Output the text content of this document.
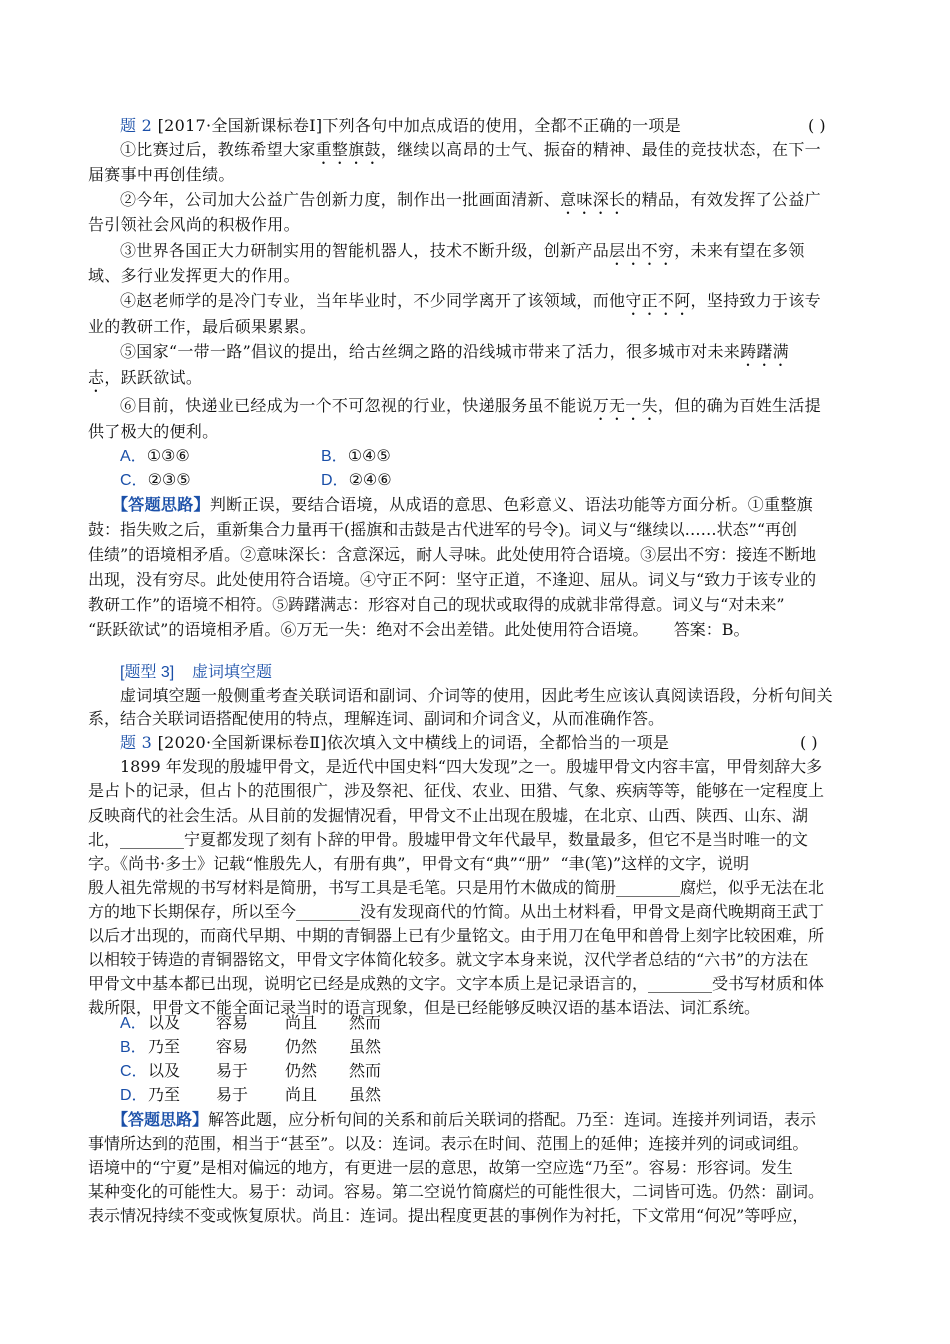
题 2 [2017·全国新课标卷Ⅰ]下列各句中加点成语的使用，全都不正确的一项是	( )
①比赛过后，教练希望大家重整旗鼓，继续以高昂的士气、振奋的精神、最佳的竞技状态，在下一
届赛事中再创佳绩。
②今年，公司加大公益广告创新力度，制作出一批画面清新、意味深长的精品，有效发挥了公益广
告引领社会风尚的积极作用。
③世界各国正大力研制实用的智能机器人，技术不断升级，创新产品层出不穷，未来有望在多领
域、多行业发挥更大的作用。
④赵老师学的是冷门专业，当年毕业时，不少同学离开了该领域，而他守正不阿，坚持致力于该专
业的教研工作，最后硕果累累。
⑤国家“一带一路”倡议的提出，给古丝绸之路的沿线城市带来了活力，很多城市对未来踌躇满
志，跃跃欲试。
⑥目前，快递业已经成为一个不可忽视的行业，快递服务虽不能说万无一失，但的确为百姓生活提
供了极大的便利。
A．①③⑥	B．①④⑤
C．②③⑤	D．②④⑥
【答题思路】判断正误，要结合语境，从成语的意思、色彩意义、语法功能等方面分析。①重整旗
鼓：指失败之后，重新集合力量再干(摇旗和击鼓是古代进军的号令)。词义与“继续以……状态”“再创
佳绩”的语境相矛盾。②意味深长：含意深远，耐人寻味。此处使用符合语境。③层出不穷：接连不断地
出现，没有穷尽。此处使用符合语境。④守正不阿：坚守正道，不逢迎、屈从。词义与“致力于该专业的
教研工作”的语境不相符。⑤踌躇满志：形容对自己的现状或取得的成就非常得意。词义与“对未来”
“跃跃欲试”的语境相矛盾。⑥万无一失：绝对不会出差错。此处使用符合语境。     答案：B。
[题型 3]    虚词填空题
虚词填空题一般侧重考查关联词语和副词、介词等的使用，因此考生应该认真阅读语段，分析句间关
系，结合关联词语搭配使用的特点，理解连词、副词和介词含义，从而准确作答。
题 3 [2020·全国新课标卷Ⅱ]依次填入文中横线上的词语，全都恰当的一项是	( )
1899 年发现的殷墟甲骨文，是近代中国史料“四大发现”之一。殷墟甲骨文内容丰富，甲骨刻辞大多
是占卜的记录，但占卜的范围很广，涉及祭祀、征伐、农业、田猎、气象、疾病等等，能够在一定程度上
反映商代的社会生活。从目前的发掘情况看，甲骨文不止出现在殷墟，在北京、山西、陕西、山东、湖
北，________宁夏都发现了刻有卜辞的甲骨。殷墟甲骨文年代最早，数量最多，但它不是当时唯一的文
字。《尚书·多士》记载“惟殷先人，有册有典”，甲骨文有“典”“册”  “聿(笔)”这样的文字，说明
殷人祖先常规的书写材料是简册，书写工具是毛笔。只是用竹木做成的简册________腐烂，似乎无法在北
方的地下长期保存，所以至今________没有发现商代的竹简。从出土材料看，甲骨文是商代晚期商王武丁
以后才出现的，而商代早期、中期的青铜器上已有少量铭文。由于用刀在龟甲和兽骨上刻字比较困难，所
以相较于铸造的青铜器铭文，甲骨文字体简化较多。就文字本身来说，汉代学者总结的“六书”的方法在
甲骨文中基本都已出现，说明它已经是成熟的文字。文字本质上是记录语言的，________受书写材质和体
裁所限，甲骨文不能全面记录当时的语言现象，但是已经能够反映汉语的基本语法、词汇系统。
A． 以及 容易 尚且 然而
B． 乃至 容易 仍然 虽然
C． 以及 易于 仍然 然而
D． 乃至 易于 尚且 虽然
【答题思路】解答此题，应分析句间的关系和前后关联词的搭配。乃至：连词。连接并列词语，表示
事情所达到的范围，相当于“甚至”。以及：连词。表示在时间、范围上的延伸；连接并列的词或词组。
语境中的“宁夏”是相对偏远的地方，有更进一层的意思，故第一空应选“乃至”。容易：形容词。发生
某种变化的可能性大。易于：动词。容易。第二空说竹简腐烂的可能性很大，二词皆可选。仍然：副词。
表示情况持续不变或恢复原状。尚且：连词。提出程度更甚的事例作为衬托，下文常用“何况”等呼应，
